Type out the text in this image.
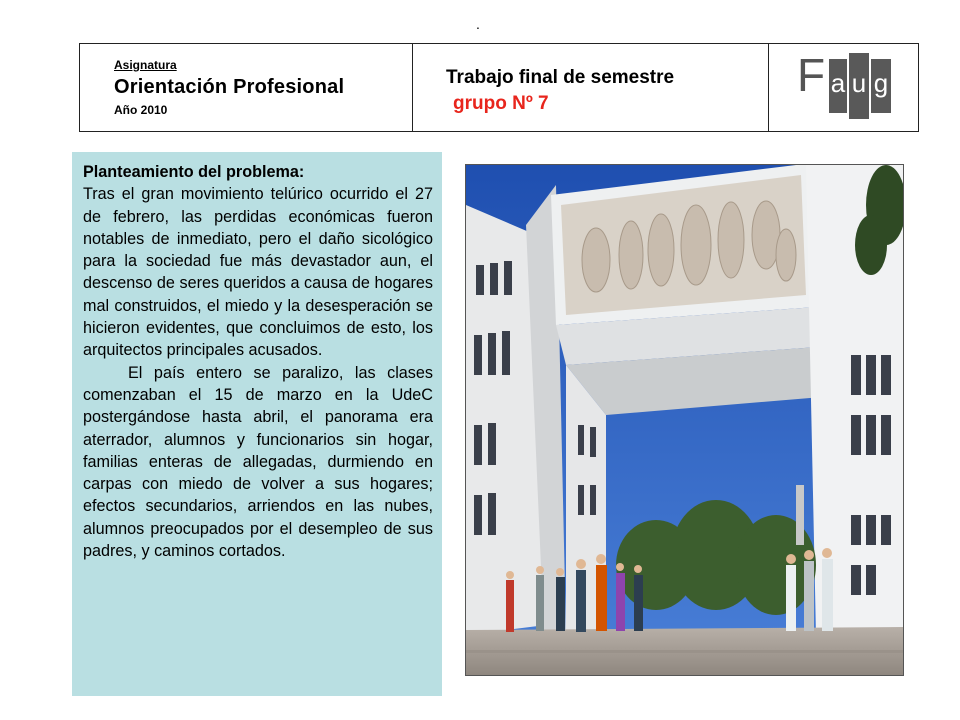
.
Asignatura
Orientación Profesional
Año 2010
Trabajo final de semestre
grupo Nº 7
F a u g
Planteamiento del problema:

Tras el gran movimiento telúrico ocurrido el 27 de febrero, las perdidas económicas fueron notables de inmediato, pero el daño sicológico para la sociedad fue más devastador aun, el descenso de seres queridos a causa de hogares mal construidos, el miedo y la desesperación se hicieron evidentes, que concluimos de esto, los arquitectos principales acusados.

El país entero se paralizo, las clases comenzaban el 15 de marzo en la UdeC postergándose hasta abril, el panorama era aterrador, alumnos y funcionarios sin hogar, familias enteras de allegadas, durmiendo en carpas con miedo de volver a sus hogares; efectos secundarios, arriendos en las nubes, alumnos preocupados por el desempleo de sus padres, y caminos cortados.
